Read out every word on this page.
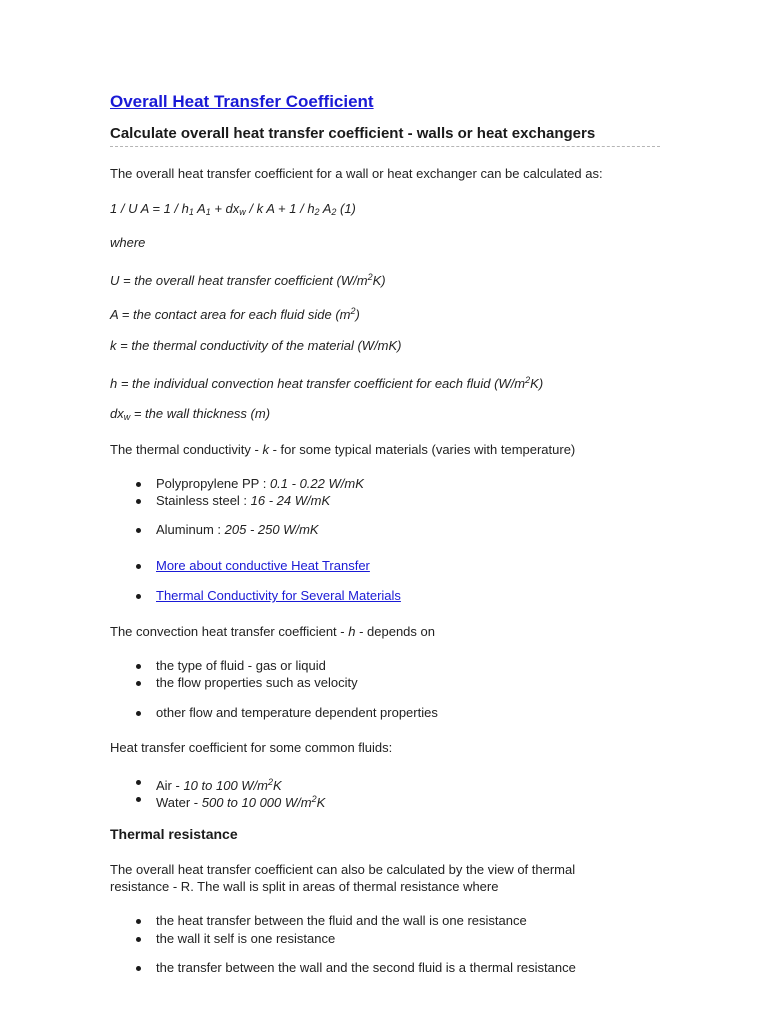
Overall Heat Transfer Coefficient
Calculate overall heat transfer coefficient - walls or heat exchangers
The overall heat transfer coefficient for a wall or heat exchanger can be calculated as:
1 / U $A = 1 / h_1$ $A_1 + dx_w / k$ $A + 1 / h_2$ $A_2$ (1)
where
U = the overall heat transfer coefficient $(W/m^2K)$
A = the contact area for each fluid side $(m^2)$
k = the thermal conductivity of the material (W/mK)
h = the individual convection heat transfer coefficient for each fluid $(W/m^2K)$
$dx_w$ = the wall thickness (m)
The thermal conductivity - k - for some typical materials (varies with temperature)
Polypropylene PP : 0.1 - 0.22 W/mK
Stainless steel : 16 - 24 W/mK
Aluminum : 205 - 250 W/mK
More about conductive Heat Transfer
Thermal Conductivity for Several Materials
The convection heat transfer coefficient - h - depends on
the type of fluid - gas or liquid
the flow properties such as velocity
other flow and temperature dependent properties
Heat transfer coefficient for some common fluids:
Air - 10 to 100 $W/m^2K$
Water - 500 to 10 000 $W/m^2K$
Thermal resistance
The overall heat transfer coefficient can also be calculated by the view of thermal
resistance - R. The wall is split in areas of thermal resistance where
the heat transfer between the fluid and the wall is one resistance
the wall it self is one resistance
the transfer between the wall and the second fluid is a thermal resistance
